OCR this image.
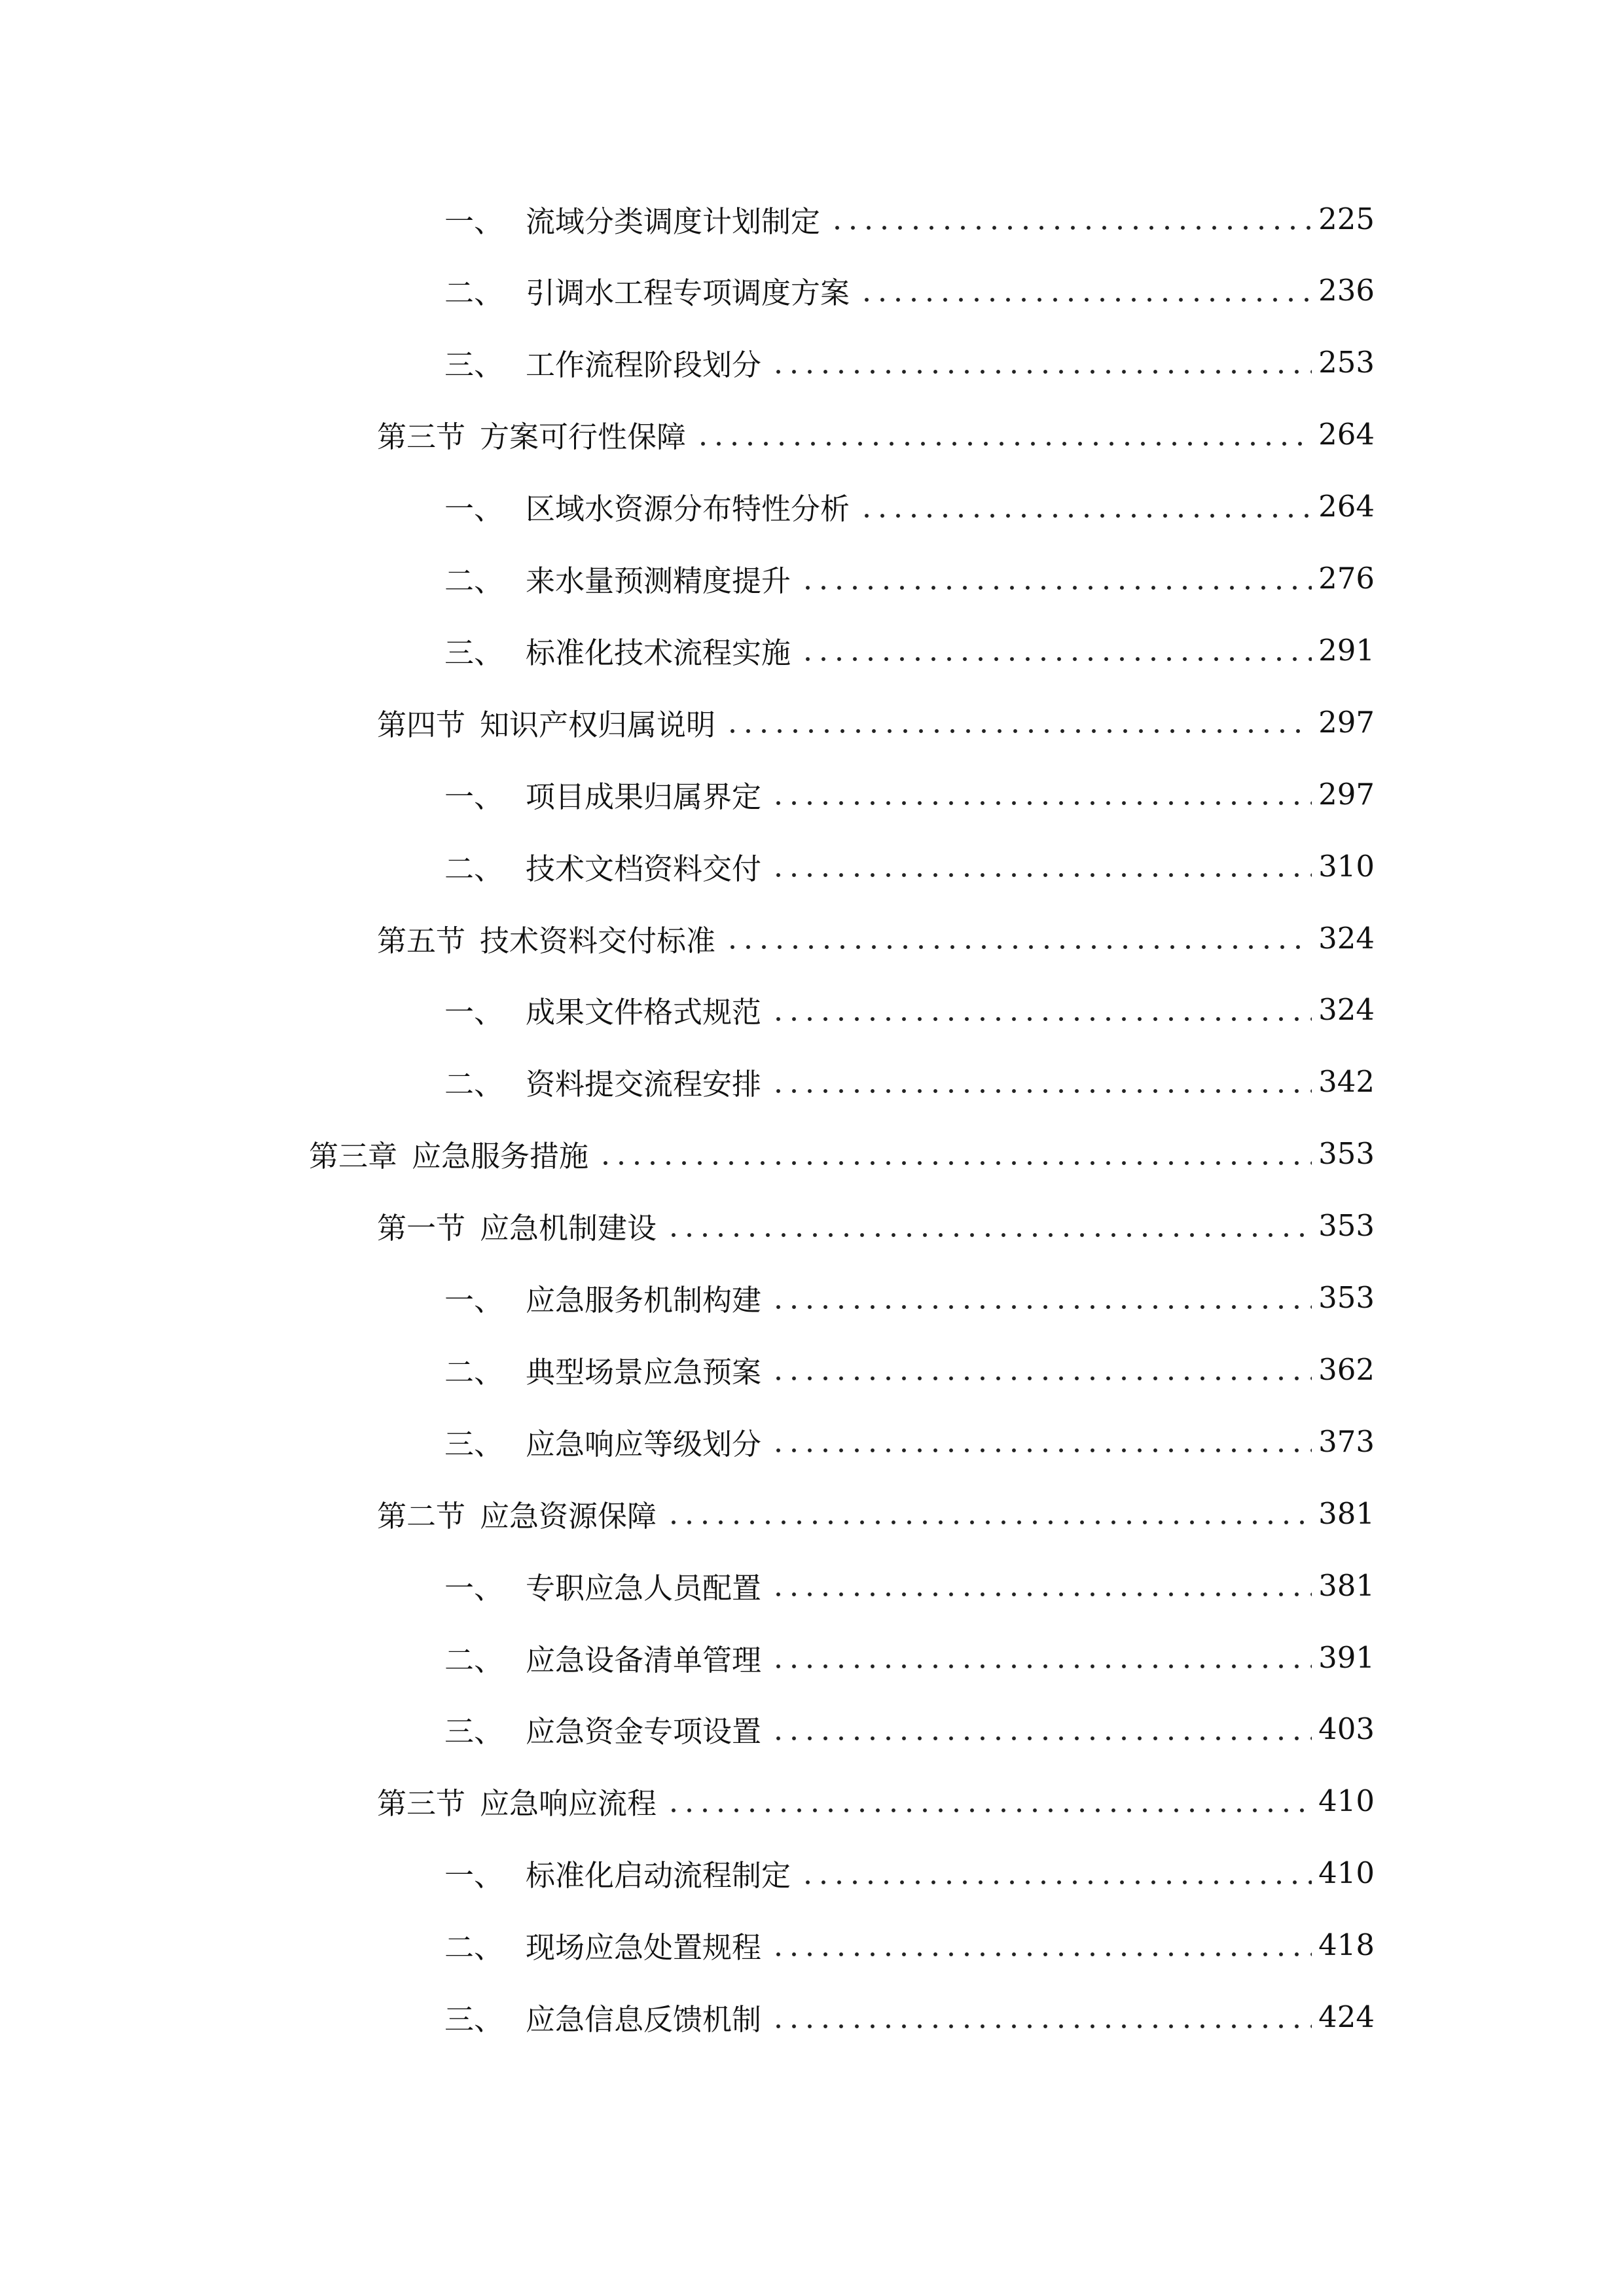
一、 流域分类调度计划制定	225
二、 引调水工程专项调度方案	236
三、 工作流程阶段划分	253
第三节 方案可行性保障	264
一、 区域水资源分布特性分析	264
二、 来水量预测精度提升	276
三、 标准化技术流程实施	291
第四节 知识产权归属说明	297
一、 项目成果归属界定	297
二、 技术文档资料交付	310
第五节 技术资料交付标准	324
一、 成果文件格式规范	324
二、 资料提交流程安排	342
第三章 应急服务措施	353
第一节 应急机制建设	353
一、 应急服务机制构建	353
二、 典型场景应急预案	362
三、 应急响应等级划分	373
第二节 应急资源保障	381
一、 专职应急人员配置	381
二、 应急设备清单管理	391
三、 应急资金专项设置	403
第三节 应急响应流程	410
一、 标准化启动流程制定	410
二、 现场应急处置规程	418
三、 应急信息反馈机制	424
